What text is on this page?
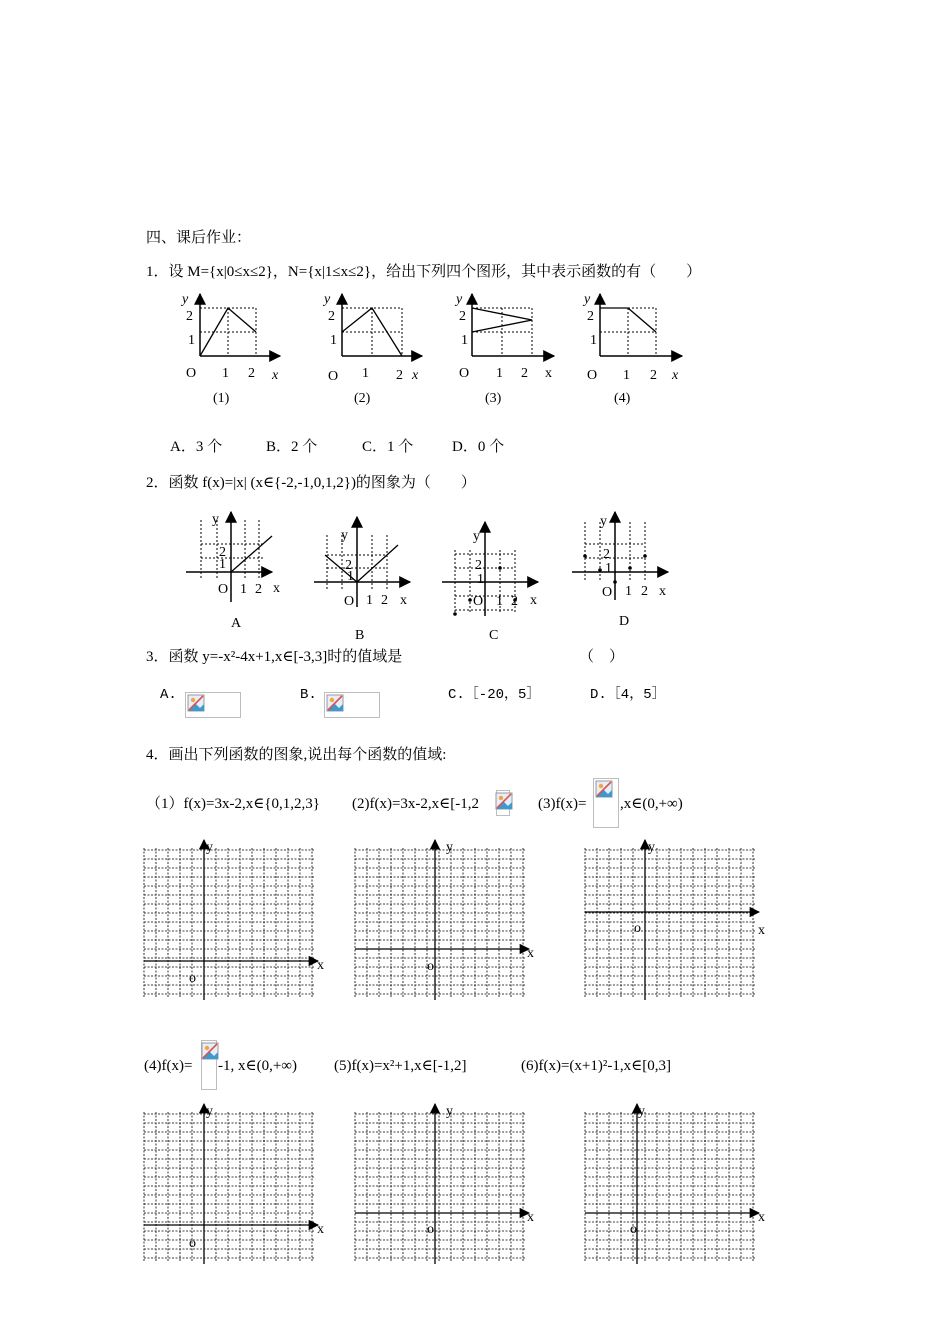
四、课后作业：
1．设 M={x|0≤x≤2}，N={x|1≤x≤2}，给出下列四个图形，其中表示函数的有（　　）
y
2
1
O 1 2 x
(1)
y
2
1
O 1 2 x
(2)
y
2
1
O 1 2 x
(3)
y
2
1
O 1 2 x
(4)
A．3 个	B．2 个	C．1 个	D．0 个
2．函数 f(x)=|x| (x∈{-2,-1,0,1,2})的图象为（　　）
y
2
1
O 1 2 x
A
y
2
1
O 1 2 x
B
y
2
1
O 1 2 x
C
y
2
1
O 1 2 x
D
3．函数 y=-x²-4x+1,x∈[-3,3]时的值域是	（　）
A.	B.	C.［-20，5］	D.［4，5］
4．画出下列函数的图象,说出每个函数的值域:
（1）f(x)=3x-2,x∈{0,1,2,3} (2)f(x)=3x-2,x∈[-1,2	(3)f(x)= ,x∈(0,+∞)
y
o
x
y
o
x
y
o	x
(4)f(x)= -1, x∈(0,+∞) (5)f(x)=x²+1,x∈[-1,2]	(6)f(x)=(x+1)²-1,x∈[0,3]
y
o
x
y
o
x
y
o
x
